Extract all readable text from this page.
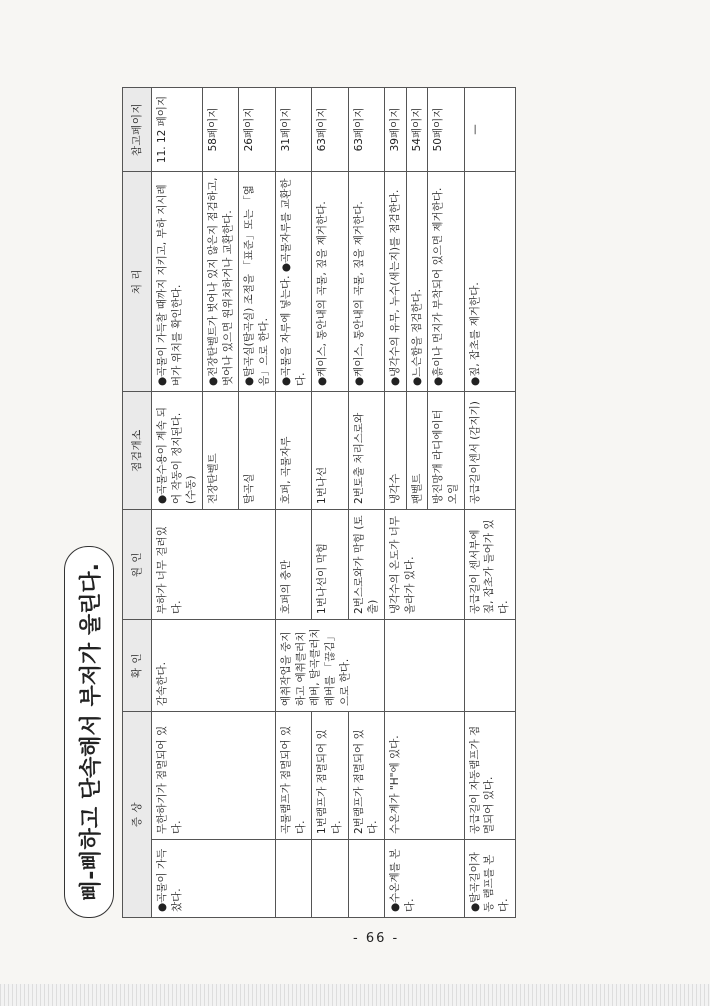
삐-삐하고 단속해서 부저가 울린다.	증 상		확 인	원 인	점검개소	처 리	참고페이지
●곡물이 가득 찼다.	무한하기가 점멸되어 있다.	감속한다.	부하가 너무 걸려있다.	●곡물수용이 계속 되어 작동이 정지된다. (수동)	●곡물이 가득찰 때까지 지키고, 부하 지시레버가 위치를 확인한다.	11. 12 페이지
				전장탄벨트	●전장탄벨트가 벗어나 있지 않은지 점검하고, 벗어나 있으면 원위치하거나 교환한다.	58페이지
				탈곡실	●탈곡실(탈곡실) 조절을 「표준」또는 「엷음」으로 한다.	26페이지
	곡물램프가 점멸되어 있다.	예취작업을 중지하고 예취클러치레버, 탈곡클러치레버를 「끊김」으로 한다.	호퍼의 충만	호퍼, 곡물자루	●곡물을 자루에 넣는다. ●곡물자루를 교환한다.	31페이지
	1번램프가 점멸되어 있다.		1번나선이 막힘	1번나선	●케이스, 통안내의 곡물, 짚을 제거한다.	63페이지
	2번램프가 점멸되어 있다.		2번스로와가 막힘 (토출)	2번토출 처리스로와	●케이스, 통안내의 곡물, 짚을 제거한다.	63페이지
●수온계를 본다.	수온계가 "H"에 있다.		냉각수의 온도가 너무 올라가 있다.	냉각수	●냉각수의 유무, 누수(새는지)를 점검한다.	39페이지
				팬벨트	●느슨함을 점검한다.	54페이지
				방진망개 라디에이터 오일	●흙이나 먼지가 부착되어 있으면 제거한다.	50페이지
●탈곡길이자동 램프를 본다.	공급길이 자동램프가 점멸되어 있다.		공급길이 센서부에 짚, 잡초가 들어가 있다.	공급길이센서 (감지기)	●짚, 잡초를 제거한다.	—
- 66 -
